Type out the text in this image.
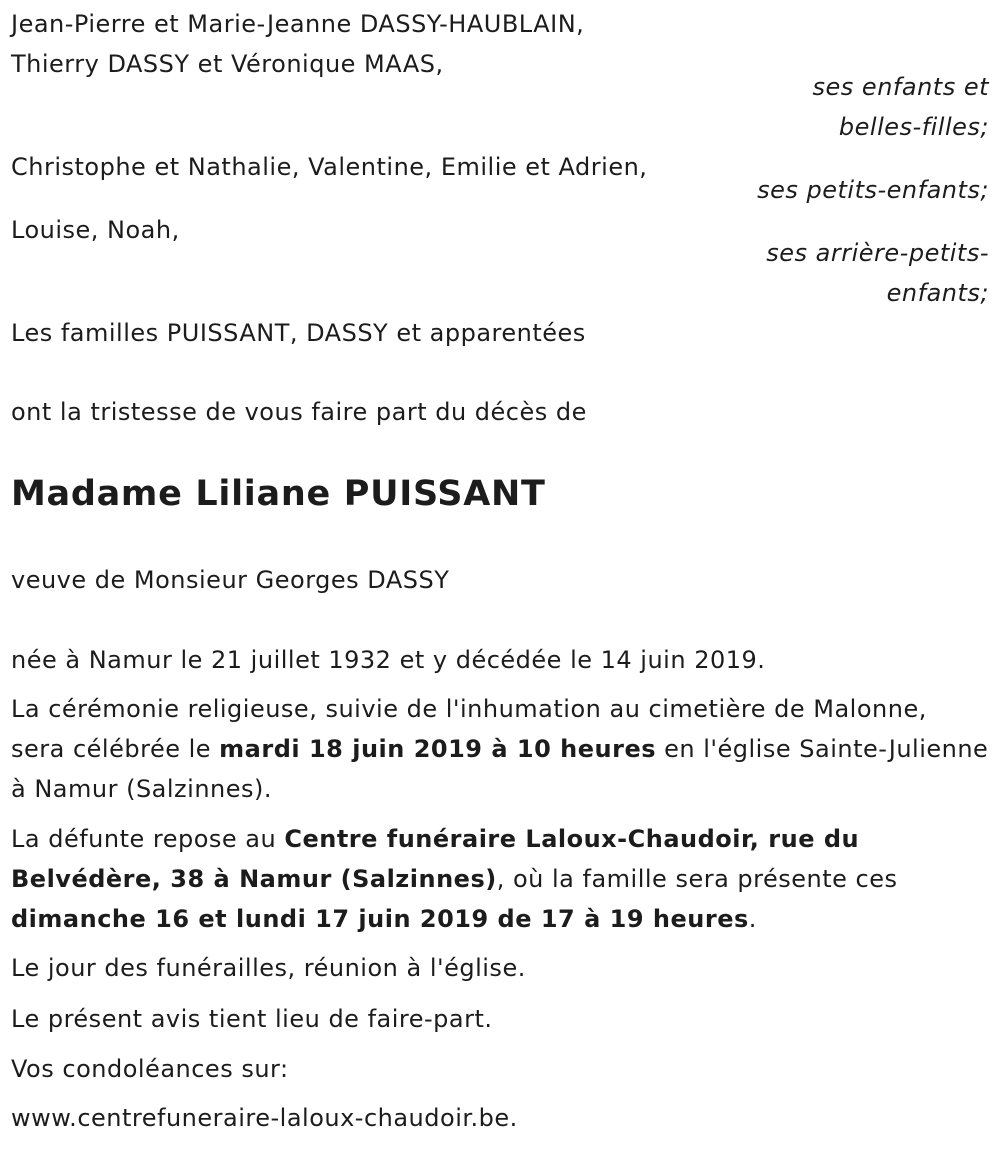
Jean-Pierre et Marie-Jeanne DASSY-HAUBLAIN,
Thierry DASSY et Véronique MAAS,
ses enfants et
belles-filles;
Christophe et Nathalie, Valentine, Emilie et Adrien,
ses petits-enfants;
Louise, Noah,
ses arrière-petits-
enfants;
Les familles PUISSANT, DASSY et apparentées
ont la tristesse de vous faire part du décès de
Madame Liliane PUISSANT
veuve de Monsieur Georges DASSY
née à Namur le 21 juillet 1932 et y décédée le 14 juin 2019.
La cérémonie religieuse, suivie de l'inhumation au cimetière de Malonne,
sera célébrée le mardi 18 juin 2019 à 10 heures en l'église Sainte-Julienne
à Namur (Salzinnes).
La défunte repose au Centre funéraire Laloux-Chaudoir, rue du
Belvédère, 38 à Namur (Salzinnes), où la famille sera présente ces
dimanche 16 et lundi 17 juin 2019 de 17 à 19 heures.
Le jour des funérailles, réunion à l'église.
Le présent avis tient lieu de faire-part.
Vos condoléances sur:
www.centrefuneraire-laloux-chaudoir.be.
